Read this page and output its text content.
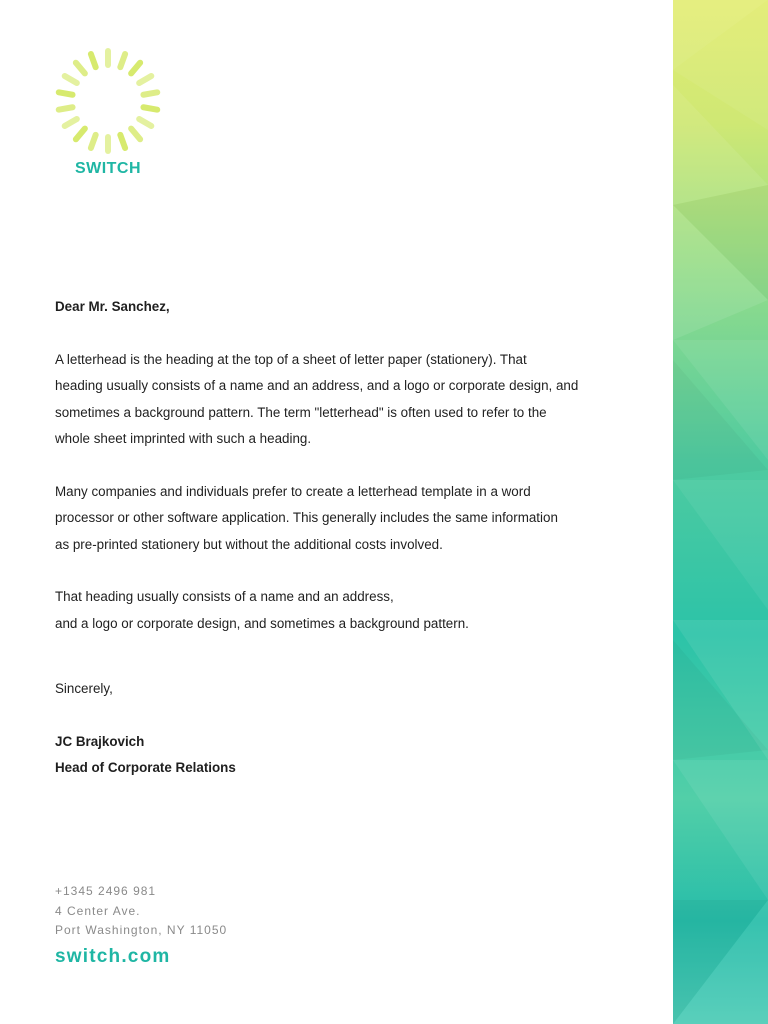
SWITCH
Dear Mr. Sanchez,
A letterhead is the heading at the top of a sheet of letter paper (stationery). That
heading usually consists of a name and an address, and a logo or corporate design, and
sometimes a background pattern. The term "letterhead" is often used to refer to the
whole sheet imprinted with such a heading.
Many companies and individuals prefer to create a letterhead template in a word
processor or other software application. This generally includes the same information
as pre-printed stationery but without the additional costs involved.
That heading usually consists of a name and an address,
and a logo or corporate design, and sometimes a background pattern.
Sincerely,
JC Brajkovich
Head of Corporate Relations
+1345 2496 981
4 Center Ave.
Port Washington, NY 11050
switch.com
